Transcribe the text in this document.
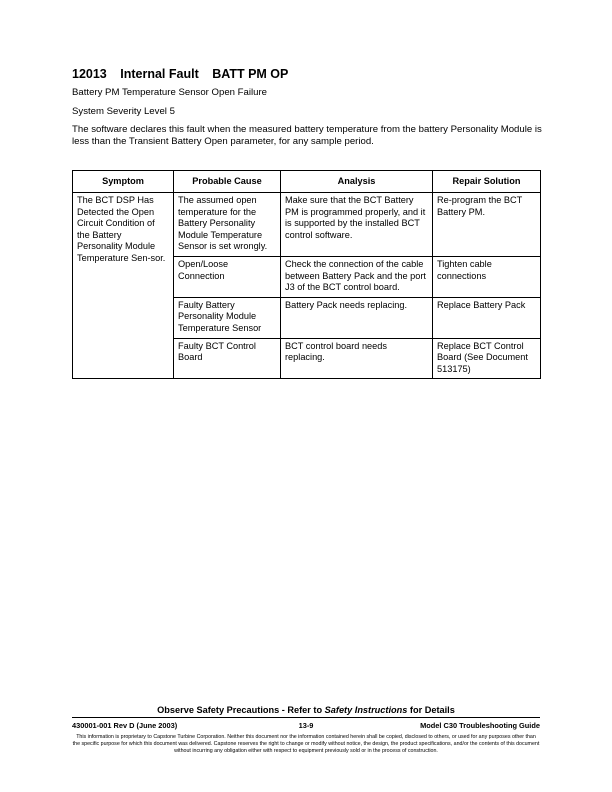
12013 Internal Fault BATT PM OP

Battery PM Temperature Sensor Open Failure

System Severity Level 5

The software declares this fault when the measured battery temperature from the battery Personality Module is less than the Transient Battery Open parameter, for any sample period.

Symptom	Probable Cause	Analysis	Repair Solution
The BCT DSP Has Detected the Open Circuit Condition of the Battery Personality Module Temperature Sen-sor.	The assumed open temperature for the Battery Personality Module Temperature Sensor is set wrongly.	Make sure that the BCT Battery PM is programmed properly, and it is supported by the installed BCT control software.	Re-program the BCT Battery PM.
	Open/Loose Connection	Check the connection of the cable between Battery Pack and the port J3 of the BCT control board.	Tighten cable connections
	Faulty Battery Personality Module Temperature Sensor	Battery Pack needs replacing.	Replace Battery Pack
	Faulty BCT Control Board	BCT control board needs replacing.	Replace BCT Control Board (See Document 513175)
Observe Safety Precautions - Refer to Safety Instructions for Details
430001-001 Rev D (June 2003)	13-9	Model C30 Troubleshooting Guide
This information is proprietary to Capstone Turbine Corporation. Neither this document nor the information contained herein shall be copied, disclosed to others, or used for any purposes other than the specific purpose for which this document was delivered. Capstone reserves the right to change or modify without notice, the design, the product specifications, and/or the contents of this document without incurring any obligation either with respect to equipment previously sold or in the process of construction.
